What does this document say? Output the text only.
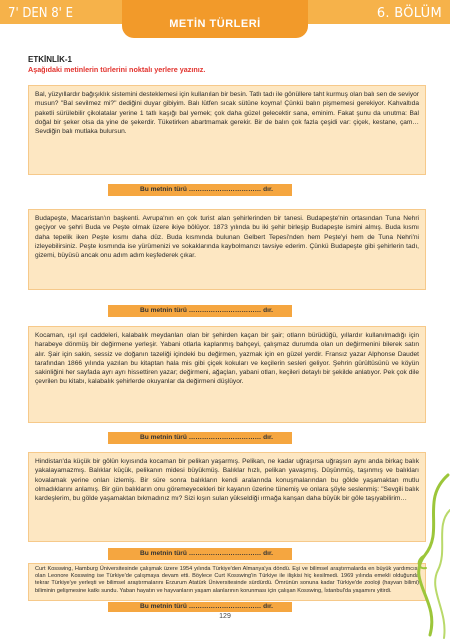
7' DEN 8' E
METİN TÜRLERİ
6. BÖLÜM
ETKİNLİK-1
Aşağıdaki metinlerin türlerini noktalı yerlere yazınız.
Bal, yüzyıllardır bağışıklık sistemini desteklemesi için kullanılan bir besin. Tatlı tadı ile gönüllere taht kurmuş olan balı sen de seviyor musun? "Bal sevilmez mi?" dediğini duyar gibiyim. Balı lütfen sıcak sütüne koyma! Çünkü balın pişmemesi gerekiyor. Kahvaltıda paketli sürülebilir çikolatalar yerine 1 tatlı kaşığı bal yemek; çok daha güzel gelecektir sana, eminim. Fakat şunu da unutma: Bal doğal bir şeker olsa da yine de şekerdir. Tüketirken abartmamak gerekir. Bir de balın çok fazla çeşidi var: çiçek, kestane, çam… Sevdiğin balı mutlaka bulursun.
Bu metnin türü …………………………… dır.
Budapeşte, Macaristan'ın başkenti. Avrupa'nın en çok turist alan şehirlerinden bir tanesi. Budapeşte'nin ortasından Tuna Nehri geçiyor ve şehri Buda ve Peşte olmak üzere ikiye bölüyor. 1873 yılında bu iki şehir birleşip Budapeşte ismini almış. Buda kısmı daha tepelik iken Peşte kısmı daha düz. Buda kısmında bulunan Gelbert Tepesi'nden hem Peşte'yi hem de Tuna Nehri'ni izleyebilirsiniz. Peşte kısmında ise yürümenizi ve sokaklarında kaybolmanızı tavsiye ederim. Çünkü Budapeşte gibi şehirlerin tadı, gizemi, büyüsü ancak onu adım adım keşfederek çıkar.
Bu metnin türü …………………………… dır.
Kocaman, ışıl ışıl caddeleri, kalabalık meydanları olan bir şehirden kaçan bir şair; otların bürüdüğü, yıllardır kullanılmadığı için harabeye dönmüş bir değirmene yerleşir. Yabani otlarla kaplanmış bahçeyi, çalışmaz durumda olan un değirmenini bilerek satın alır. Şair için sakin, sessiz ve doğanın tazeliği içindeki bu değirmen, yazmak için en güzel yerdir. Fransız yazar Alphonse Daudet tarafından 1866 yılında yazılan bu kitaptan hala mis gibi çiçek kokuları ve keçilerin sesleri geliyor. Şehrin gürültüsünü ve köyün sakinliğini her sayfada ayrı ayrı hissettiren yazar; değirmeni, ağaçları, yabani otları, keçileri detaylı bir şekilde anlatıyor. Pek çok dile çevrilen bu kitabı, kalabalık şehirlerde okuyanlar da değirmeni düşlüyor.
Bu metnin türü …………………………… dır.
Hindistan'da küçük bir gölün kıyısında kocaman bir pelikan yaşarmış. Pelikan, ne kadar uğraşırsa uğraşsın aynı anda birkaç balık yakalayamazmış. Balıklar küçük, pelikanın midesi büyükmüş. Balıklar hızlı, pelikan yavaşmış. Düşünmüş, taşınmış ve balıkları kovalamak yerine onları izlemiş. Bir süre sonra balıkların kendi aralarında konuşmalarından bu gölde yaşamaktan mutlu olmadıklarını anlamış. Bir gün balıkların onu göremeyecekleri bir kayanın üzerine tünemiş ve onlara şöyle seslenmiş: "Sevgili balık kardeşlerim, bu gölde yaşamaktan bıkmadınız mı? Sizi kışın sulan yükseldiği ırmağa kanşan daha büyük bir göle taşıyabilirim…
Bu metnin türü …………………………… dır.
Curt Kosswing, Hamburg Üniversitesinde çalışmak üzere 1954 yılında Türkiye'den Almanya'ya döndü. Eşi ve bilimsel araştırmalarda en büyük yardımcısı olan Leonore Kosswing ise Türkiye'de çalışmaya devam etti. Böylece Curt Kosswing'in Türkiye ile ilişkisi hiç kesilmedi. 1969 yılında emekli olduğunda tekrar Türkiye'ye yerleşti ve bilimsel araştırmalarını Erzurum Atatürk Üniversitesinde sürdürdü. Ömrünün sonuna kadar Türkiye'de zooloji (hayvan bilimi) biliminin gelişmesine katkı sundu. Yaban hayatın ve hayvanların yaşam alanlarının korunması için çalışan Kosswing, İstanbul'da yaşamını yitirdi.
Bu metnin türü …………………………… dır.
129
